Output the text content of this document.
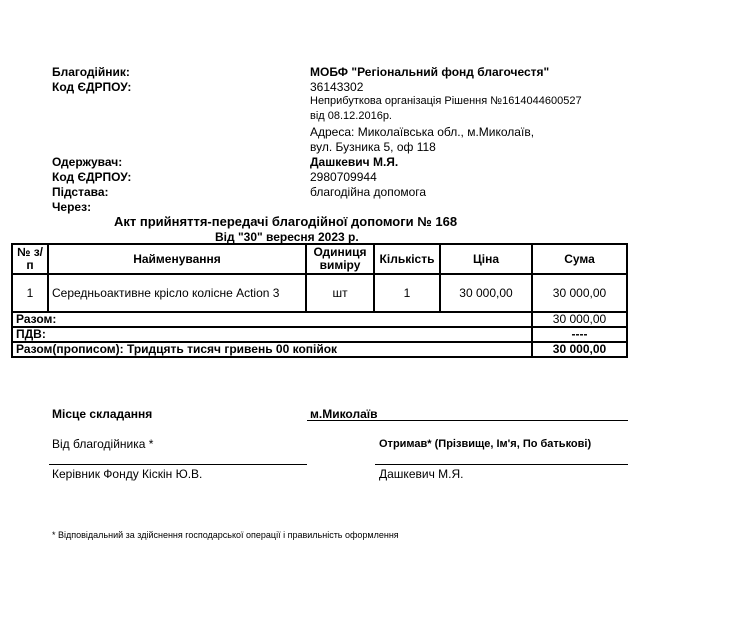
Благодійник:	МОБФ "Регіональний фонд благочестя"
Код ЄДРПОУ:	36143302
Неприбуткова організація Рішення №1614044600527
від 08.12.2016р.
Адреса: Миколаївська обл., м.Миколаїв,
вул. Бузника 5, оф 118
Одержувач:	Дашкевич М.Я.
Код ЄДРПОУ:	2980709944
Підстава:	благодійна допомога
Через:
Акт прийняття-передачі благодійної допомоги № 168
Від "30" вересня 2023 р.
№ з/п	Найменування	Одиниця виміру	Кількість	Ціна	Сума
1	Середньоактивне крісло колісне Action 3	шт	1	30 000,00	30 000,00
Разом:					30 000,00
ПДВ:					----
Разом(прописом): Тридцять тисяч гривень 00 копійок					30 000,00
Місце складання	м.Миколаїв
Від благодійника *	Отримав* (Прізвище, Ім'я, По батькові)
Керівник Фонду Кіскін Ю.В.	Дашкевич М.Я.
* Відповідальний за здійснення господарської операції і правильність оформлення
